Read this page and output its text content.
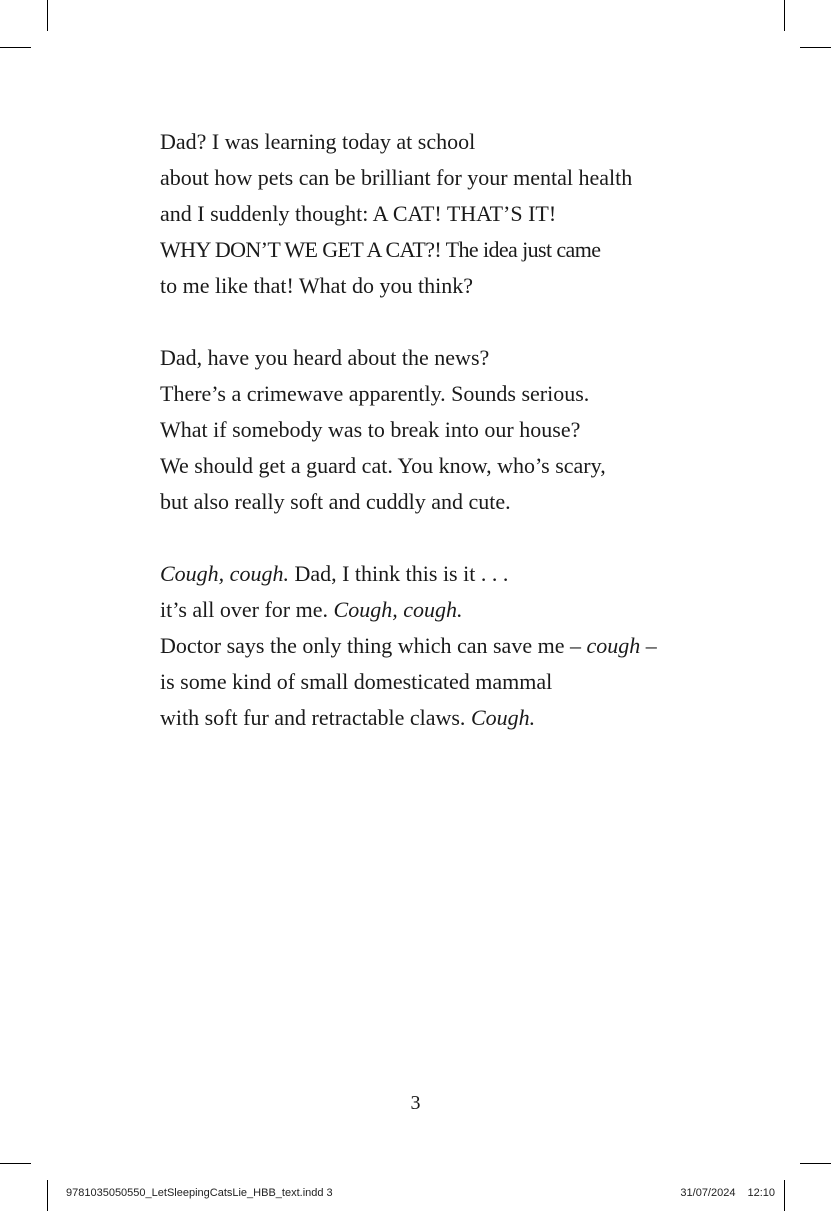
Dad? I was learning today at school
about how pets can be brilliant for your mental health
and I suddenly thought: A CAT! THAT’S IT!
WHY DON’T WE GET A CAT?! The idea just came
to me like that! What do you think?
Dad, have you heard about the news?
There’s a crimewave apparently. Sounds serious.
What if somebody was to break into our house?
We should get a guard cat. You know, who’s scary,
but also really soft and cuddly and cute.
Cough, cough. Dad, I think this is it . . .
it’s all over for me. Cough, cough.
Doctor says the only thing which can save me – cough –
is some kind of small domesticated mammal
with soft fur and retractable claws. Cough.
3
9781035050550_LetSleepingCatsLie_HBB_text.indd 3	31/07/2024 12:10
